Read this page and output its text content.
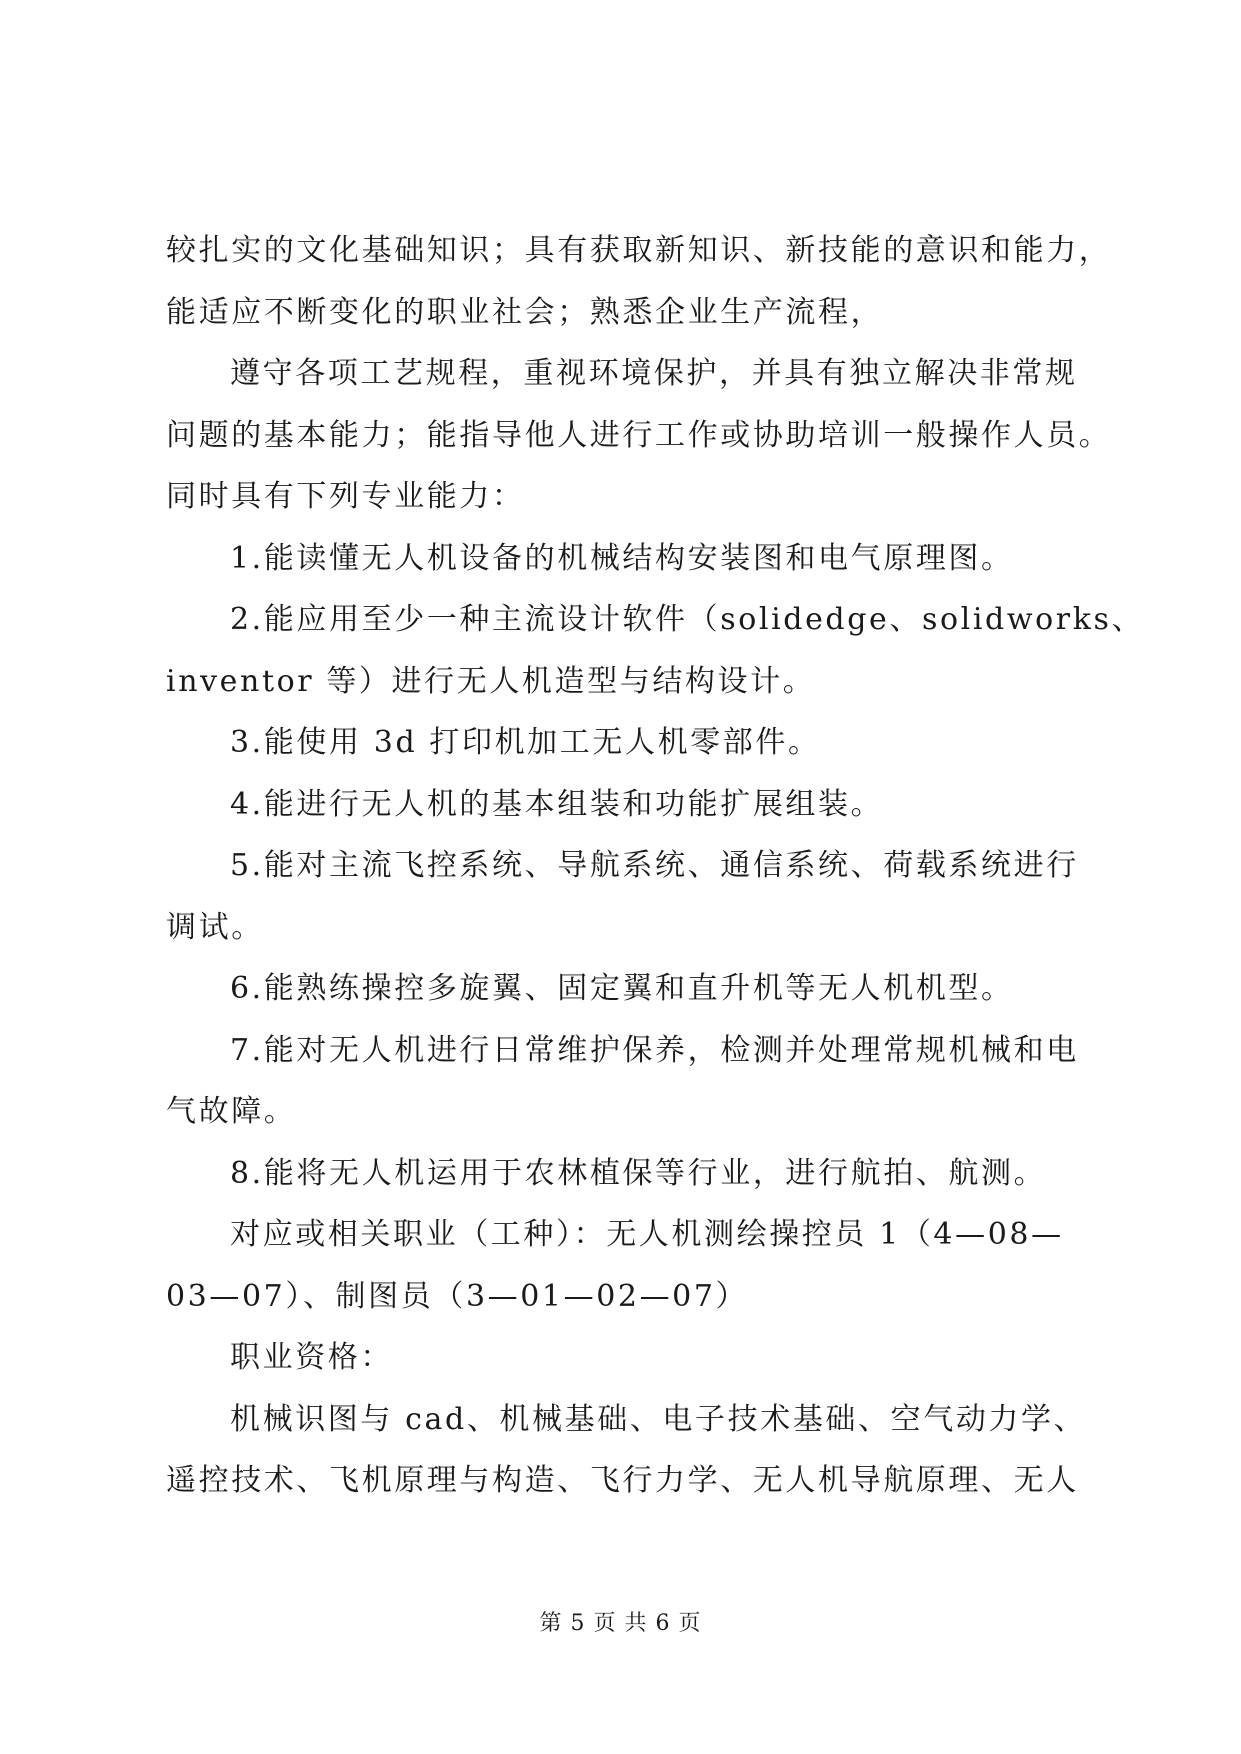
较扎实的文化基础知识；具有获取新知识、新技能的意识和能力，
能适应不断变化的职业社会；熟悉企业生产流程，
遵守各项工艺规程，重视环境保护，并具有独立解决非常规
问题的基本能力；能指导他人进行工作或协助培训一般操作人员。
同时具有下列专业能力：
1.能读懂无人机设备的机械结构安装图和电气原理图。
2.能应用至少一种主流设计软件（solidedge、solidworks、
inventor 等）进行无人机造型与结构设计。
3.能使用 3d 打印机加工无人机零部件。
4.能进行无人机的基本组装和功能扩展组装。
5.能对主流飞控系统、导航系统、通信系统、荷载系统进行
调试。
6.能熟练操控多旋翼、固定翼和直升机等无人机机型。
7.能对无人机进行日常维护保养，检测并处理常规机械和电
气故障。
8.能将无人机运用于农林植保等行业，进行航拍、航测。
对应或相关职业（工种）：无人机测绘操控员 1（4—08—
03—07）、制图员（3—01—02—07）
职业资格：
机械识图与 cad、机械基础、电子技术基础、空气动力学、
遥控技术、飞机原理与构造、飞行力学、无人机导航原理、无人
第 5 页 共 6 页
